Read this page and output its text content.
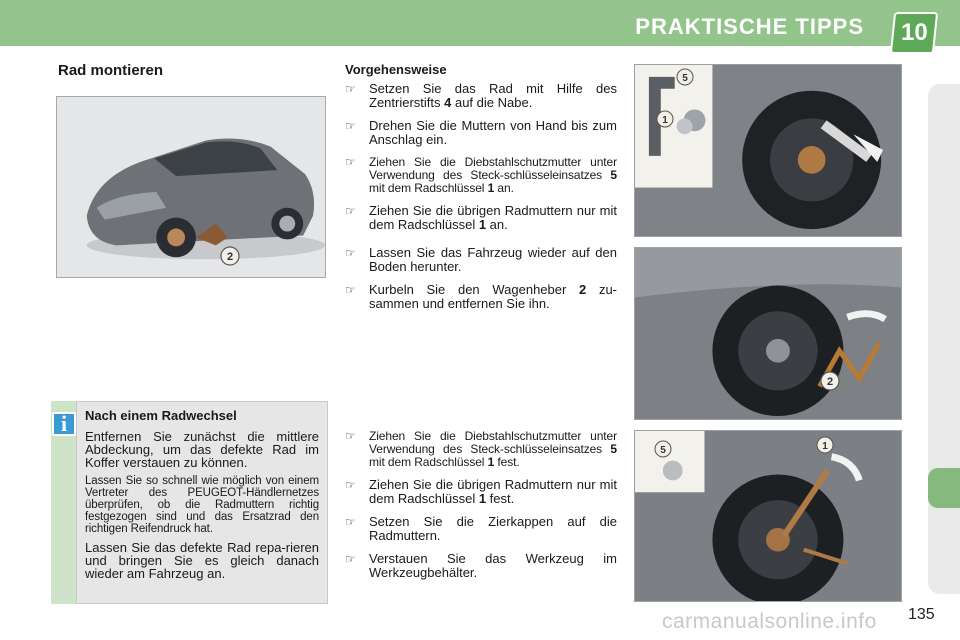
PRAKTISCHE TIPPS 10
Rad montieren
2
5
1
2
5	1
Vorgehensweise
☞ Setzen Sie das Rad mit Hilfe des Zentrierstifts 4 auf die Nabe.
☞ Drehen Sie die Muttern von Hand bis zum Anschlag ein.
☞ Ziehen Sie die Diebstahlschutzmutter unter Verwendung des Steck-schlüsseleinsatzes 5 mit dem Radschlüssel 1 an.
☞ Ziehen Sie die übrigen Radmuttern nur mit dem Radschlüssel 1 an.
☞ Lassen Sie das Fahrzeug wieder auf den Boden herunter.
☞ Kurbeln Sie den Wagenheber 2 zu-sammen und entfernen Sie ihn.
☞ Ziehen Sie die Diebstahlschutzmutter unter Verwendung des Steck-schlüsseleinsatzes 5 mit dem Radschlüssel 1 fest.
☞ Ziehen Sie die übrigen Radmuttern nur mit dem Radschlüssel 1 fest.
☞ Setzen Sie die Zierkappen auf die Radmuttern.
☞ Verstauen Sie das Werkzeug im Werkzeugbehälter.
i	Nach einem Radwechsel

Entfernen Sie zunächst die mittlere Abdeckung, um das defekte Rad im Koffer verstauen zu können.

Lassen Sie so schnell wie möglich von einem Vertreter des PEUGEOT-Händlernetzes überprüfen, ob die Radmuttern richtig festgezogen sind und das Ersatzrad den richtigen Reifendruck hat.

Lassen Sie das defekte Rad repa-rieren und bringen Sie es gleich danach wieder am Fahrzeug an.

carmanualsonline.info 135
